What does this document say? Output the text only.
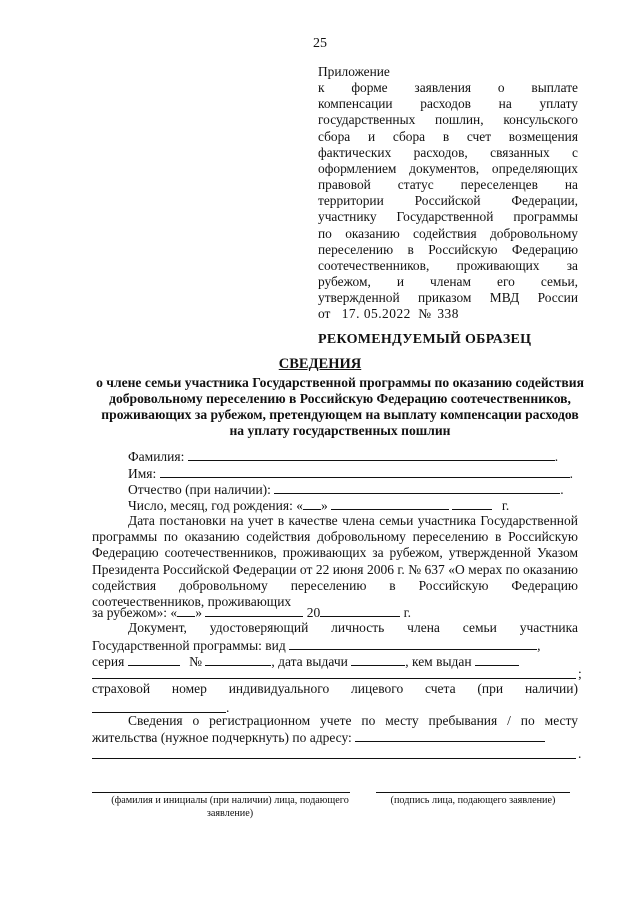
25
Приложение
к форме заявления о выплате
компенсации расходов на уплату
государственных пошлин, консульского
сбора и сбора в счет возмещения
фактических расходов, связанных с
оформлением документов, определяющих
правовой статус переселенцев на
территории Российской Федерации,
участнику Государственной программы
по оказанию содействия добровольному
переселению в Российскую Федерацию
соотечественников, проживающих за
рубежом, и членам его семьи,
утвержденной приказом МВД России
от 17. 05.2022 № 338
РЕКОМЕНДУЕМЫЙ ОБРАЗЕЦ
СВЕДЕНИЯ
о члене семьи участника Государственной программы по оказанию содействия добровольному переселению в Российскую Федерацию соотечественников, проживающих за рубежом, претендующем на выплату компенсации расходов на уплату государственных пошлин
Фамилия:	.
Имя:	.
Отчество (при наличии):	.
Число, месяц, год рождения: « »	г.
Дата постановки на учет в качестве члена семьи участника Государственной программы по оказанию содействия добровольному переселению в Российскую Федерацию соотечественников, проживающих за рубежом, утвержденной Указом Президента Российской Федерации от 22 июня 2006 г. № 637 «О мерах по оказанию содействия добровольному переселению в Российскую Федерацию соотечественников, проживающих
за рубежом»: « »	20	г.
Документ, удостоверяющий личность члена семьи участника
Государственной программы: вид	,
серия	№	, дата выдачи	, кем выдан
;
страховой номер индивидуального лицевого счета (при наличии)
.
Сведения о регистрационном учете по месту пребывания / по месту
жительства (нужное подчеркнуть) по адресу:
.
(фамилия и инициалы (при наличии) лица, подающего заявление)
(подпись лица, подающего заявление)
